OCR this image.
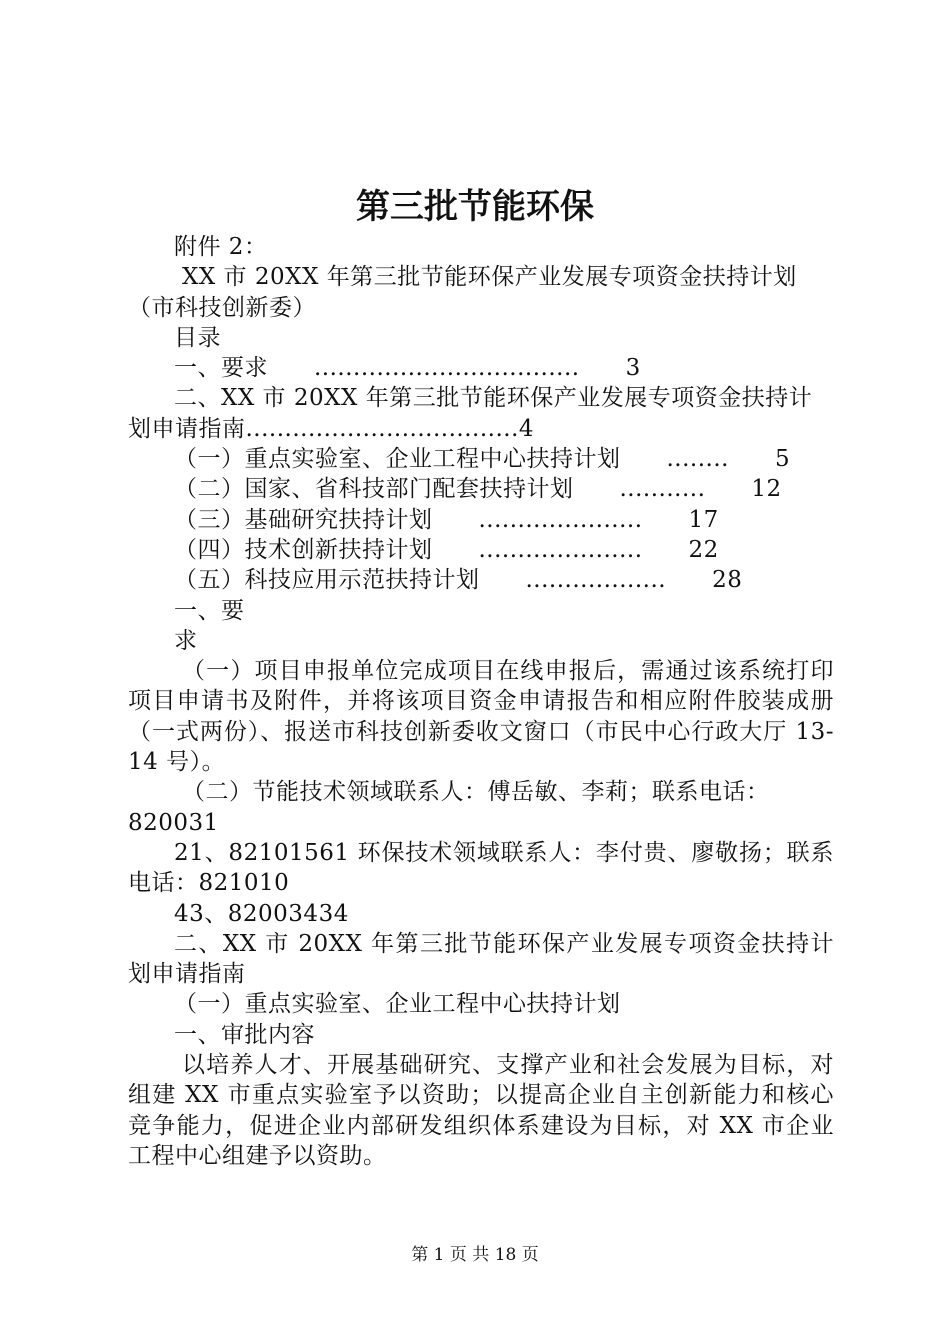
第三批节能环保

附件 2：

XX 市 20XX 年第三批节能环保产业发展专项资金扶持计划

（市科技创新委）

目录

一、要求	..................................	3

二、XX 市 20XX 年第三批节能环保产业发展专项资金扶持计

划申请指南 ................................... 4
（一）重点实验室、企业工程中心扶持计划	........	5
（二）国家、省科技部门配套扶持计划	...........	12
（三）基础研究扶持计划	.....................	17
（四）技术创新扶持计划	.....................	22
（五）科技应用示范扶持计划	..................	28

一、要

求

（一）项目申报单位完成项目在线申报后，需通过该系统打印项目申请书及附件，并将该项目资金申请报告和相应附件胶装成册（一式两份）、报送市科技创新委收文窗口（市民中心行政大厅 13-14 号）。

（二）节能技术领域联系人：傅岳敏、李莉；联系电话：

820031

21、82101561 环保技术领域联系人：李付贵、廖敬扬；联系电话：821010

43、82003434

二、XX 市 20XX 年第三批节能环保产业发展专项资金扶持计划申请指南

（一）重点实验室、企业工程中心扶持计划

一、审批内容

以培养人才、开展基础研究、支撑产业和社会发展为目标，对组建 XX 市重点实验室予以资助；以提高企业自主创新能力和核心竞争能力，促进企业内部研发组织体系建设为目标，对 XX 市企业工程中心组建予以资助。

第 1 页 共 18 页
